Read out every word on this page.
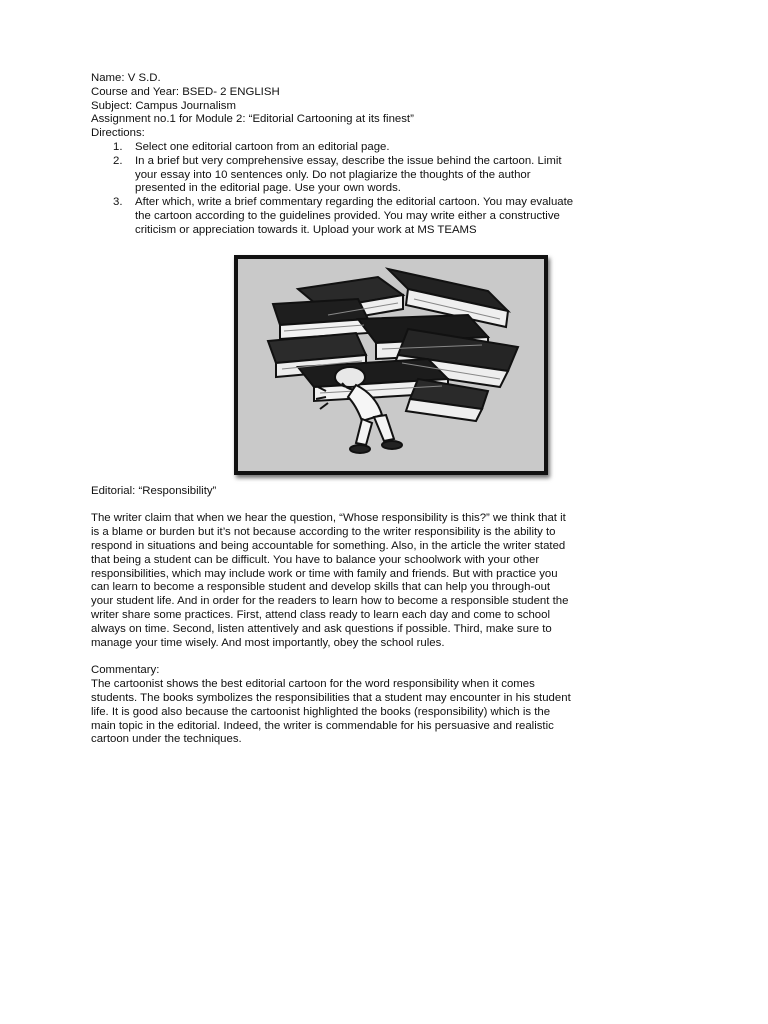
Name: V S.D.
Course and Year: BSED- 2 ENGLISH
Subject: Campus Journalism
Assignment no.1 for Module 2: “Editorial Cartooning at its finest”
Directions:
1. Select one editorial cartoon from an editorial page.
2. In a brief but very comprehensive essay, describe the issue behind the cartoon. Limit
your essay into 10 sentences only. Do not plagiarize the thoughts of the author
presented in the editorial page. Use your own words.
3. After which, write a brief commentary regarding the editorial cartoon. You may evaluate
the cartoon according to the guidelines provided. You may write either a constructive
criticism or appreciation towards it. Upload your work at MS TEAMS
Editorial: “Responsibility”
The writer claim that when we hear the question, “Whose responsibility is this?” we think that it
is a blame or burden but it’s not because according to the writer responsibility is the ability to
respond in situations and being accountable for something. Also, in the article the writer stated
that being a student can be difficult. You have to balance your schoolwork with your other
responsibilities, which may include work or time with family and friends. But with practice you
can learn to become a responsible student and develop skills that can help you through-out
your student life. And in order for the readers to learn how to become a responsible student the
writer share some practices. First, attend class ready to learn each day and come to school
always on time. Second, listen attentively and ask questions if possible. Third, make sure to
manage your time wisely. And most importantly, obey the school rules.
Commentary:
The cartoonist shows the best editorial cartoon for the word responsibility when it comes
students. The books symbolizes the responsibilities that a student may encounter in his student
life. It is good also because the cartoonist highlighted the books (responsibility) which is the
main topic in the editorial. Indeed, the writer is commendable for his persuasive and realistic
cartoon under the techniques.
